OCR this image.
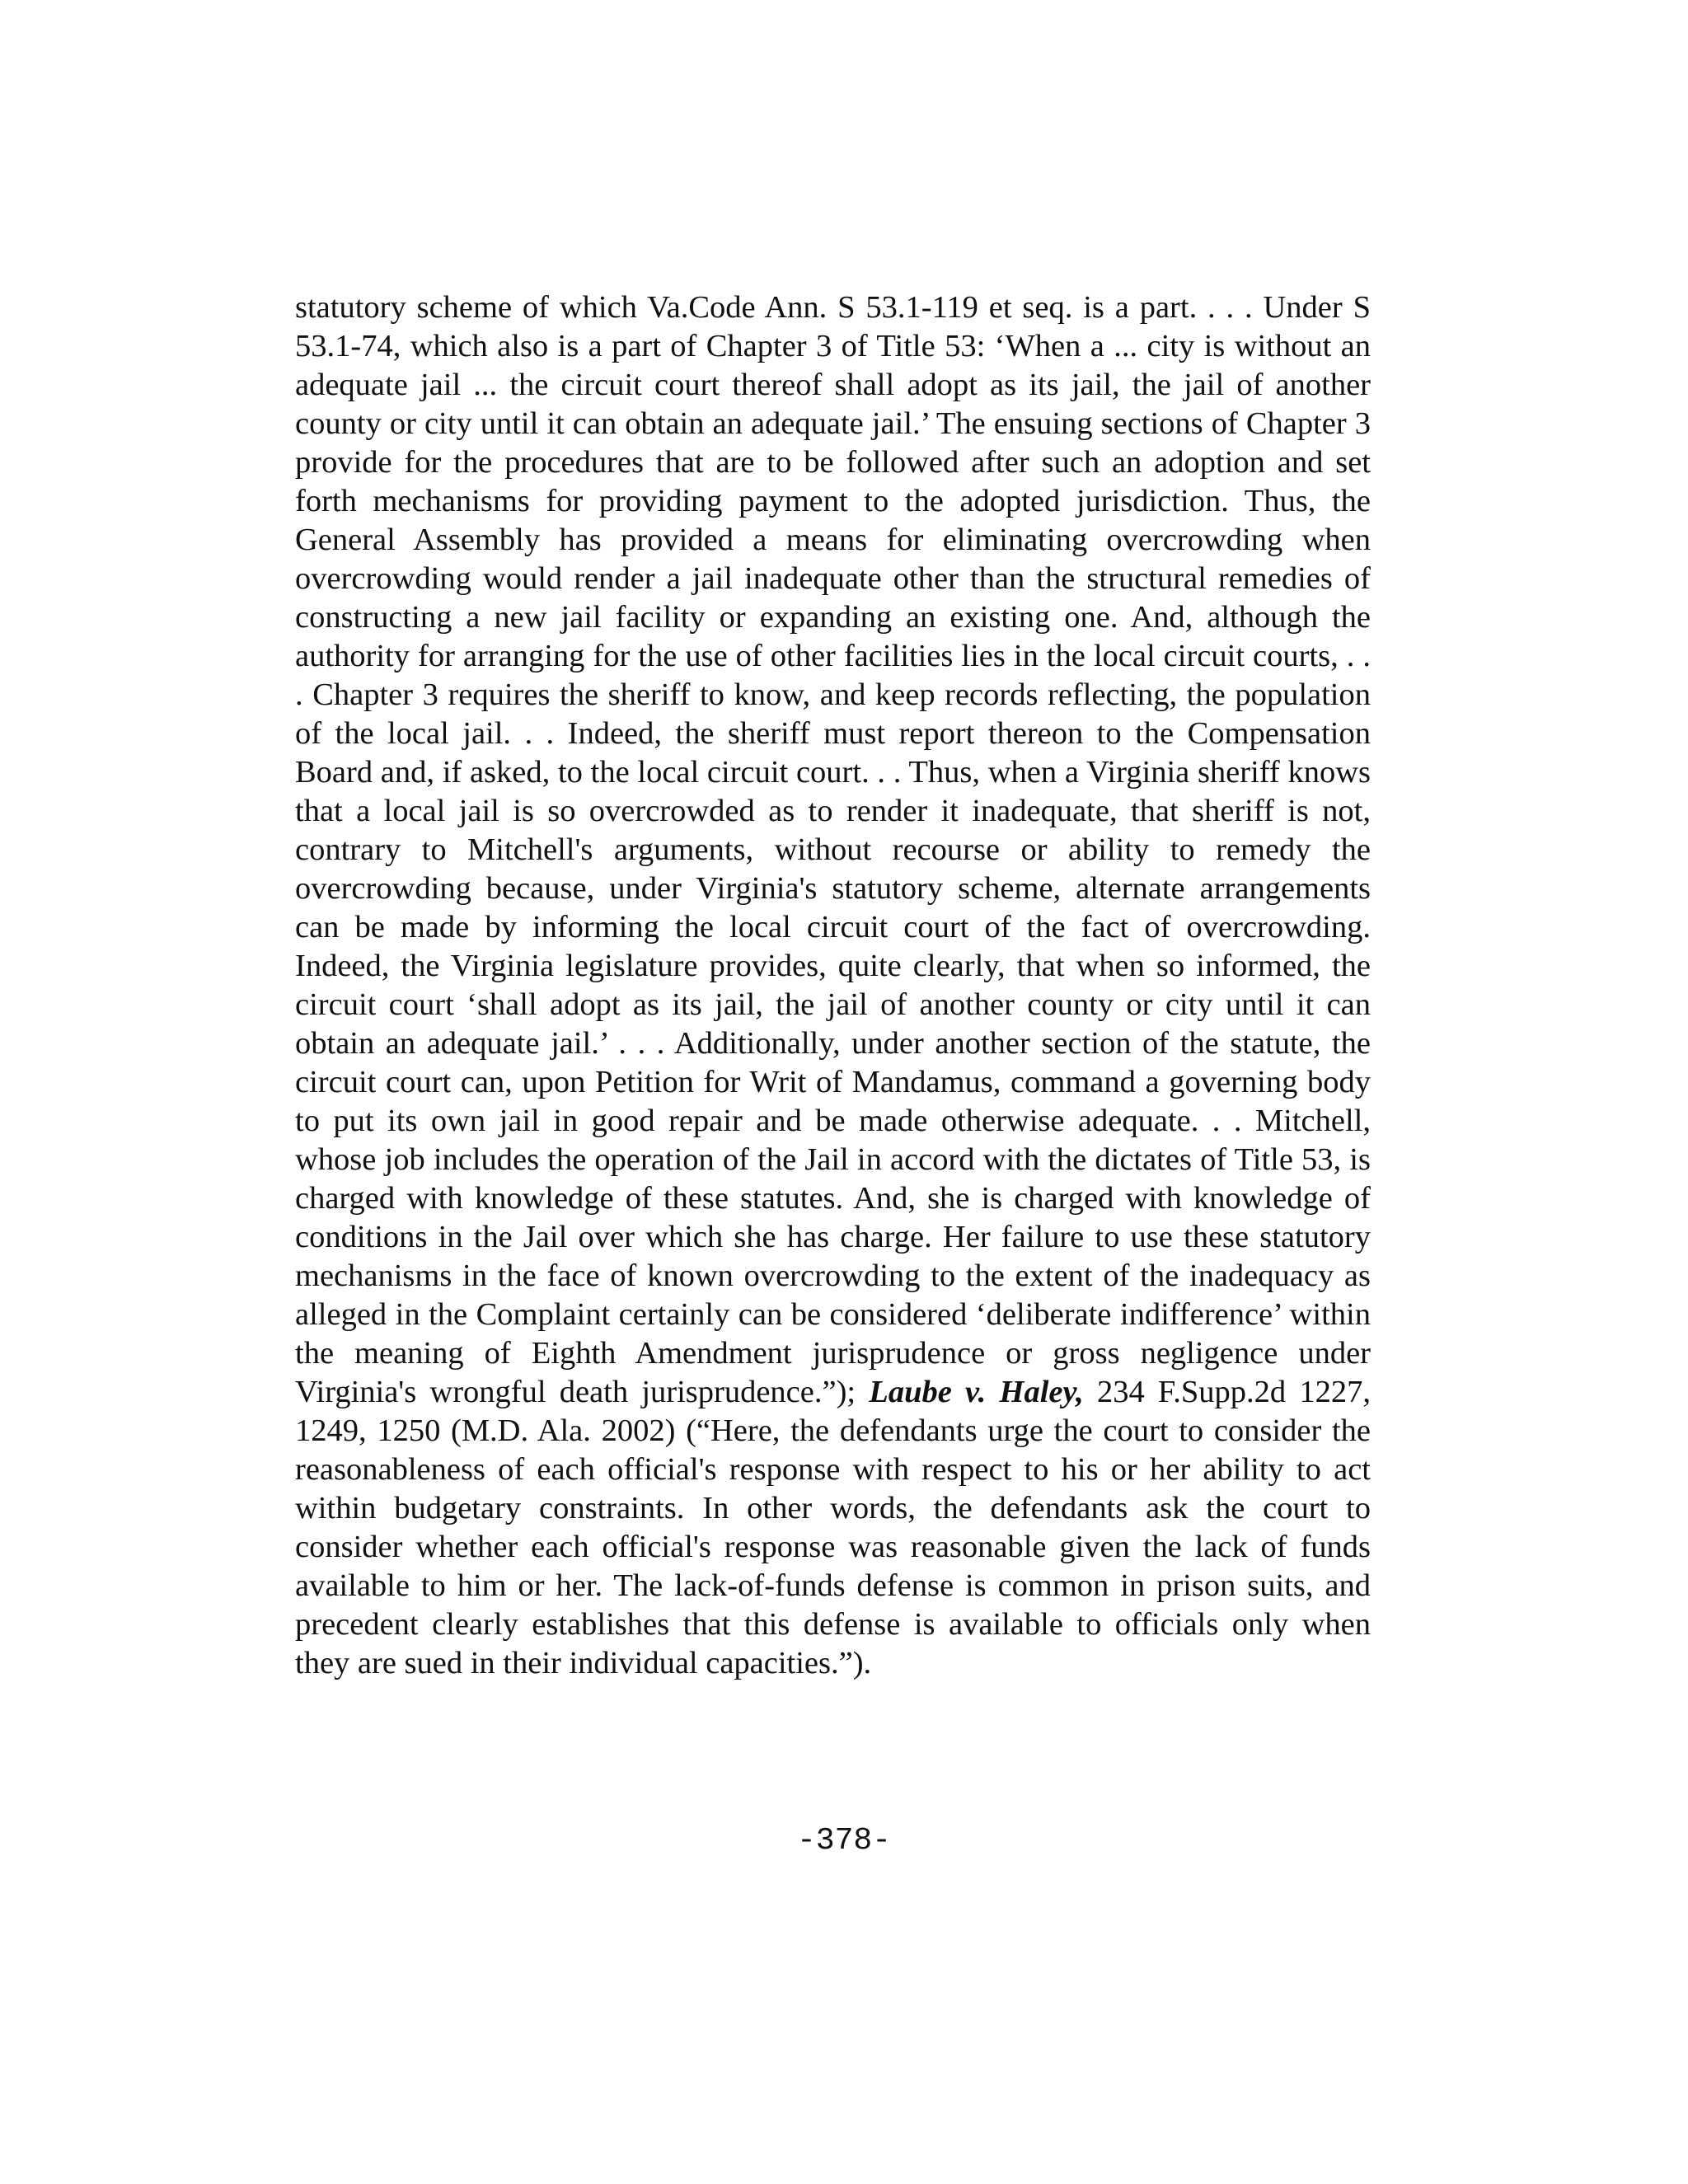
statutory scheme of which Va.Code Ann. S 53.1-119 et seq. is a part. . . . Under S 53.1-74, which also is a part of Chapter 3 of Title 53: ‘When a ... city is without an adequate jail ... the circuit court thereof shall adopt as its jail, the jail of another county or city until it can obtain an adequate jail.’ The ensuing sections of Chapter 3 provide for the procedures that are to be followed after such an adoption and set forth mechanisms for providing payment to the adopted jurisdiction. Thus, the General Assembly has provided a means for eliminating overcrowding when overcrowding would render a jail inadequate other than the structural remedies of constructing a new jail facility or expanding an existing one. And, although the authority for arranging for the use of other facilities lies in the local circuit courts, . . . Chapter 3 requires the sheriff to know, and keep records reflecting, the population of the local jail. . . Indeed, the sheriff must report thereon to the Compensation Board and, if asked, to the local circuit court. . . Thus, when a Virginia sheriff knows that a local jail is so overcrowded as to render it inadequate, that sheriff is not, contrary to Mitchell's arguments, without recourse or ability to remedy the overcrowding because, under Virginia's statutory scheme, alternate arrangements can be made by informing the local circuit court of the fact of overcrowding. Indeed, the Virginia legislature provides, quite clearly, that when so informed, the circuit court ‘shall adopt as its jail, the jail of another county or city until it can obtain an adequate jail.’ . . . Additionally, under another section of the statute, the circuit court can, upon Petition for Writ of Mandamus, command a governing body to put its own jail in good repair and be made otherwise adequate. . . Mitchell, whose job includes the operation of the Jail in accord with the dictates of Title 53, is charged with knowledge of these statutes. And, she is charged with knowledge of conditions in the Jail over which she has charge. Her failure to use these statutory mechanisms in the face of known overcrowding to the extent of the inadequacy as alleged in the Complaint certainly can be considered ‘deliberate indifference’ within the meaning of Eighth Amendment jurisprudence or gross negligence under Virginia's wrongful death jurisprudence.”); Laube v. Haley, 234 F.Supp.2d 1227, 1249, 1250 (M.D. Ala. 2002) (“Here, the defendants urge the court to consider the reasonableness of each official's response with respect to his or her ability to act within budgetary constraints. In other words, the defendants ask the court to consider whether each official's response was reasonable given the lack of funds available to him or her. The lack-of-funds defense is common in prison suits, and precedent clearly establishes that this defense is available to officials only when they are sued in their individual capacities.”).

-378-
